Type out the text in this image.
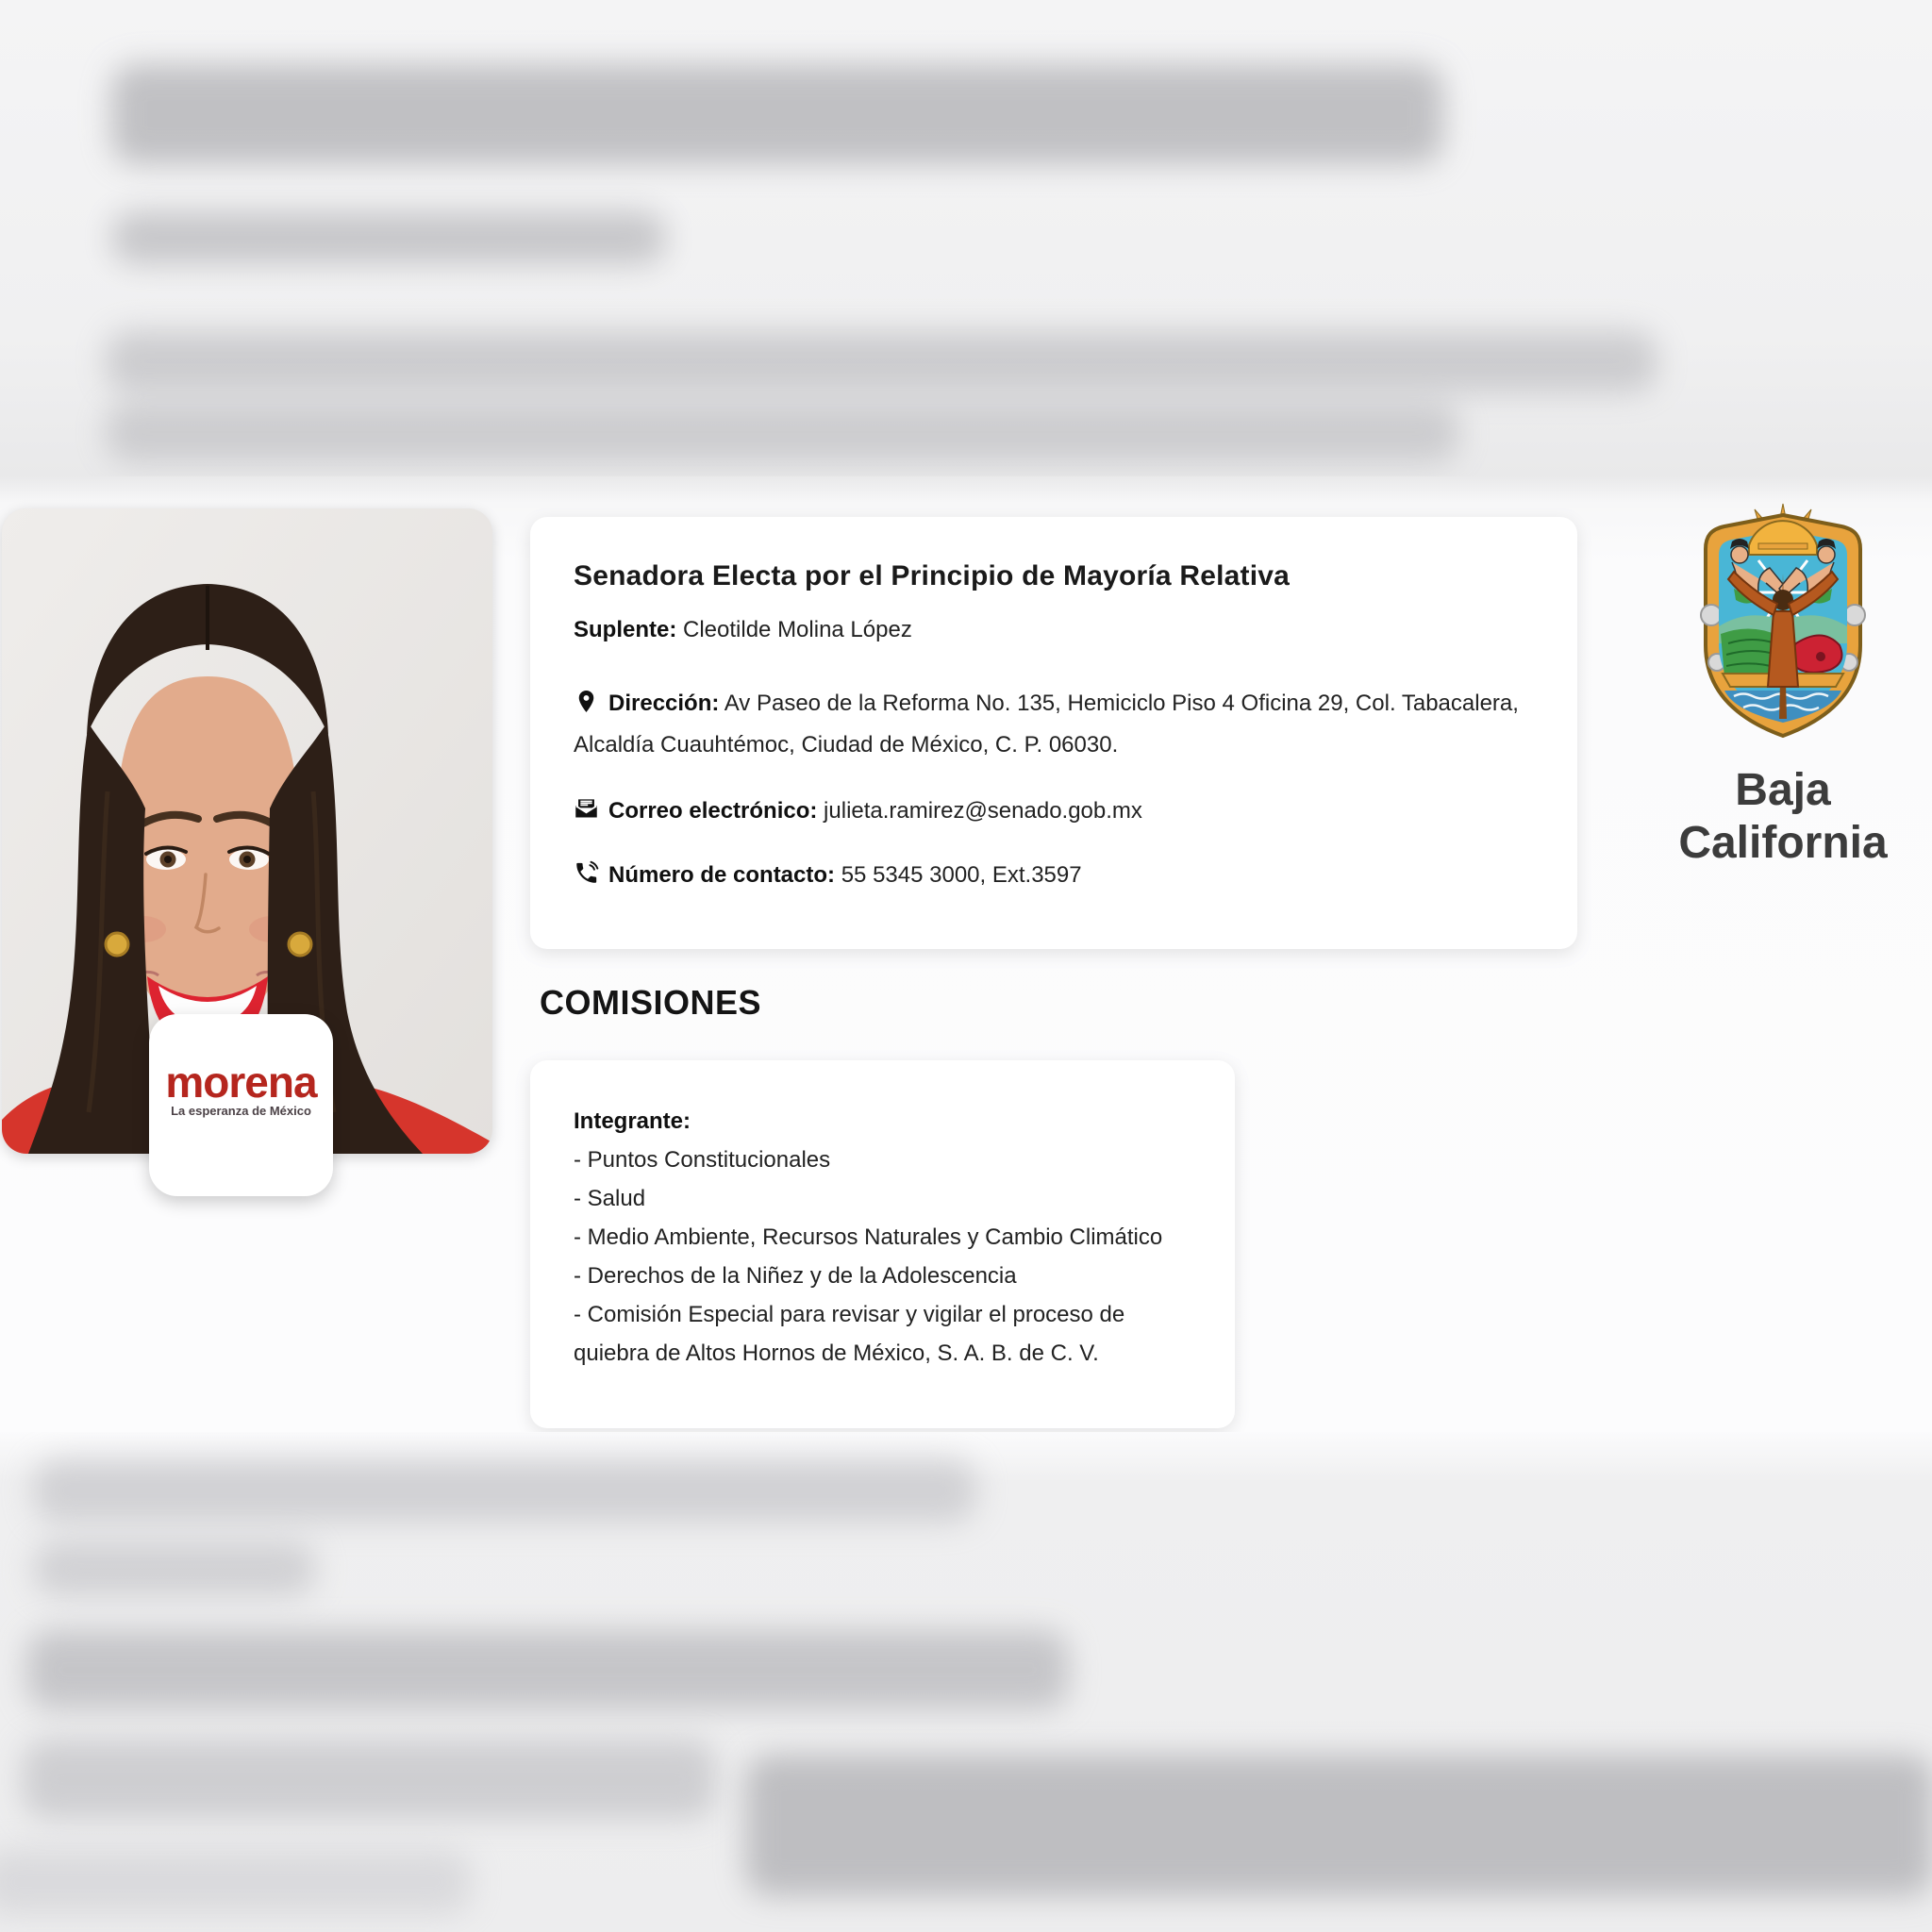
morena
La esperanza de México
Senadora Electa por el Principio de Mayoría Relativa
Suplente: Cleotilde Molina López
Dirección: Av Paseo de la Reforma No. 135, Hemiciclo Piso 4 Oficina 29, Col. Tabacalera, Alcaldía Cuauhtémoc, Ciudad de México, C. P. 06030.
Correo electrónico: julieta.ramirez@senado.gob.mx
Número de contacto: 55 5345 3000, Ext.3597
COMISIONES
Integrante:
- Puntos Constitucionales
- Salud
- Medio Ambiente, Recursos Naturales y Cambio Climático
- Derechos de la Niñez y de la Adolescencia
- Comisión Especial para revisar y vigilar el proceso de quiebra de Altos Hornos de México, S. A. B. de C. V.
Baja
California
